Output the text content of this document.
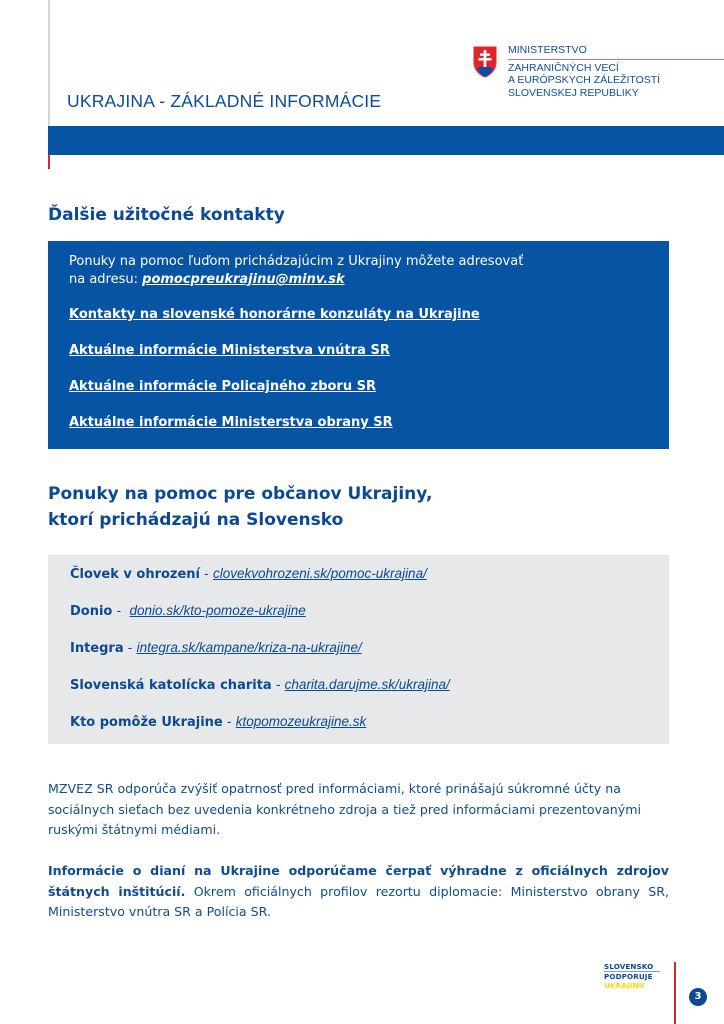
MINISTERSTVO
ZAHRANIČNÝCH VECÍ
A EURÓPSKYCH ZÁLEŽITOSTÍ
SLOVENSKEJ REPUBLIKY
UKRAJINA - ZÁKLADNÉ INFORMÁCIE
Ďalšie užitočné kontakty
Ponuky na pomoc ľuďom prichádzajúcim z Ukrajiny môžete adresovať
na adresu: pomocpreukrajinu@minv.sk
Kontakty na slovenské honorárne konzuláty na Ukrajine
Aktuálne informácie Ministerstva vnútra SR
Aktuálne informácie Policajného zboru SR
Aktuálne informácie Ministerstva obrany SR
Ponuky na pomoc pre občanov Ukrajiny,
ktorí prichádzajú na Slovensko
Človek v ohrození - clovekvohrozeni.sk/pomoc-ukrajina/
Donio -  donio.sk/kto-pomoze-ukrajine
Integra - integra.sk/kampane/kriza-na-ukrajine/
Slovenská katolícka charita - charita.darujme.sk/ukrajina/
Kto pomôže Ukrajine - ktopomozeukrajine.sk

MZVEZ SR odporúča zvýšiť opatrnosť pred informáciami, ktoré prinášajú súkromné účty na sociálnych sieťach bez uvedenia konkrétneho zdroja a tiež pred informáciami prezentovanými ruskými štátnymi médiami.

Informácie o dianí na Ukrajine odporúčame čerpať výhradne z oficiálnych zdrojov štátnych inštitúcií. Okrem oficiálnych profilov rezortu diplomacie: Ministerstvo obrany SR, Ministerstvo vnútra SR a Polícia SR.

SLOVENSKO
PODPORUJE
UKRAJINU
3
